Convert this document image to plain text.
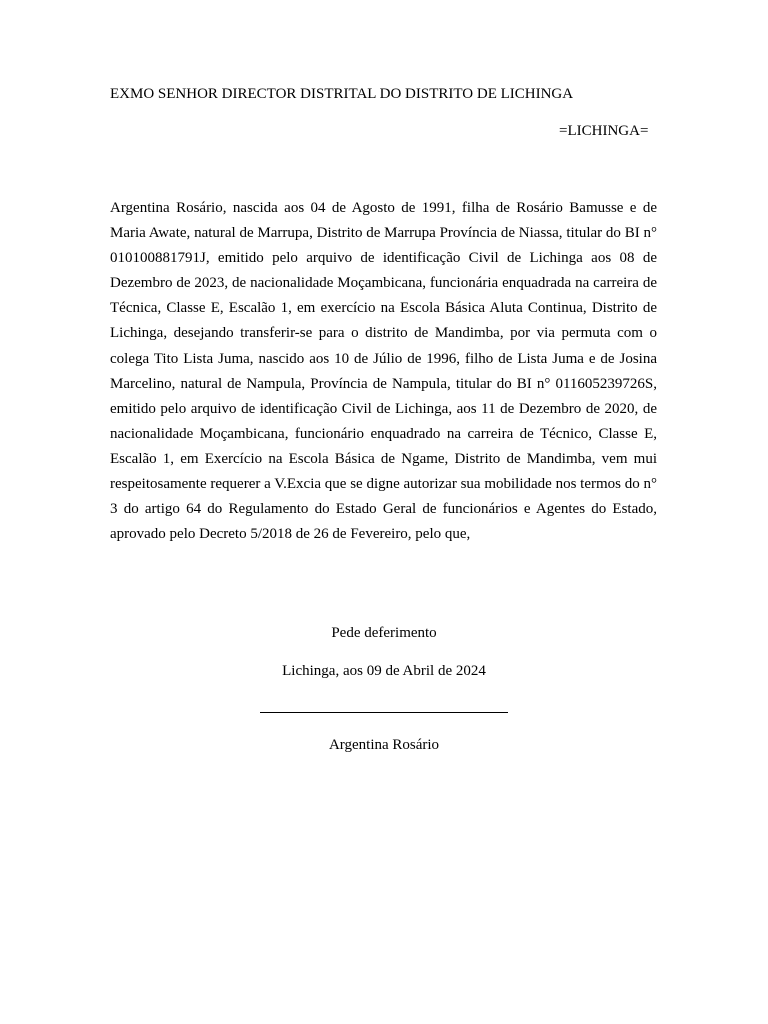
EXMO SENHOR DIRECTOR DISTRITAL DO DISTRITO DE LICHINGA
=LICHINGA=

Argentina Rosário, nascida aos 04 de Agosto de 1991, filha de Rosário Bamusse e de Maria Awate, natural de Marrupa, Distrito de Marrupa Província de Niassa, titular do BI n° 010100881791J, emitido pelo arquivo de identificação Civil de Lichinga aos 08 de Dezembro de 2023, de nacionalidade Moçambicana, funcionária enquadrada na carreira de Técnica, Classe E, Escalão 1, em exercício na Escola Básica Aluta Continua, Distrito de Lichinga, desejando transferir-se para o distrito de Mandimba, por via permuta com o colega Tito Lista Juma, nascido aos 10 de Júlio de 1996, filho de Lista Juma e de Josina Marcelino, natural de Nampula, Província de Nampula, titular do BI n° 011605239726S, emitido pelo arquivo de identificação Civil de Lichinga, aos 11 de Dezembro de 2020, de nacionalidade Moçambicana, funcionário enquadrado na carreira de Técnico, Classe E, Escalão 1, em Exercício na Escola Básica de Ngame, Distrito de Mandimba, vem mui respeitosamente requerer a V.Excia que se digne autorizar sua mobilidade nos termos do n° 3 do artigo 64 do Regulamento do Estado Geral de funcionários e Agentes do Estado, aprovado pelo Decreto 5/2018 de 26 de Fevereiro, pelo que,

Pede deferimento
Lichinga, aos 09 de Abril de 2024
Argentina Rosário
